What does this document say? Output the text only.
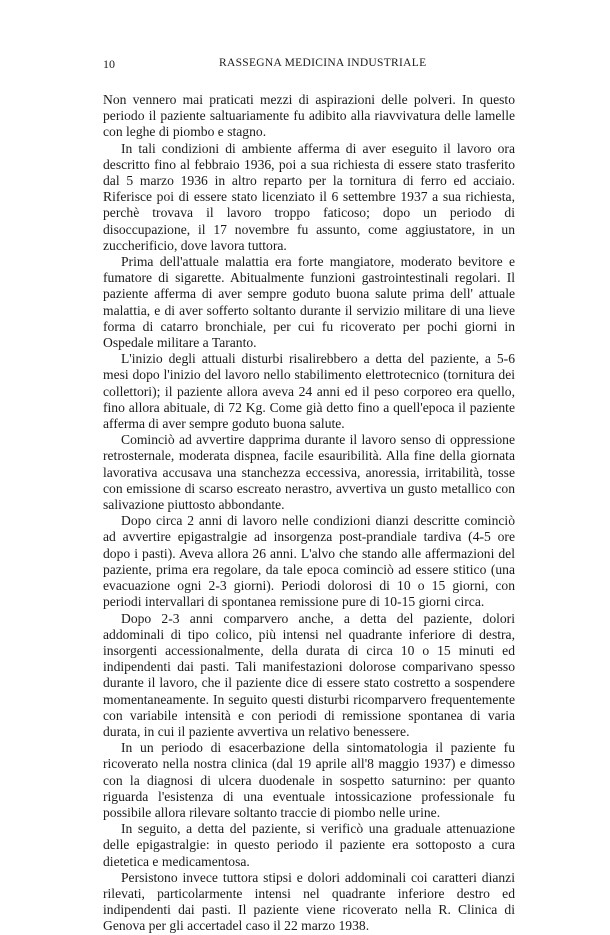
10	RASSEGNA MEDICINA INDUSTRIALE

Non vennero mai praticati mezzi di aspirazioni delle polveri. In questo periodo il paziente saltuariamente fu adibito alla riavvivatura delle lamelle con leghe di piombo e stagno.

In tali condizioni di ambiente afferma di aver eseguito il lavoro ora descritto fino al febbraio 1936, poi a sua richiesta di essere stato trasferito dal 5 marzo 1936 in altro reparto per la tornitura di ferro ed acciaio. Riferisce poi di essere stato licenziato il 6 settembre 1937 a sua richiesta, perchè trovava il lavoro troppo faticoso; dopo un periodo di disoccupazione, il 17 novembre fu assunto, come aggiustatore, in un zuccherificio, dove lavora tuttora.

Prima dell'attuale malattia era forte mangiatore, moderato bevitore e fumatore di sigarette. Abitualmente funzioni gastrointestinali regolari. Il paziente afferma di aver sempre goduto buona salute prima dell' attuale malattia, e di aver sofferto soltanto durante il servizio militare di una lieve forma di catarro bronchiale, per cui fu ricoverato per pochi giorni in Ospedale militare a Taranto.

L'inizio degli attuali disturbi risalirebbero a detta del paziente, a 5-6 mesi dopo l'inizio del lavoro nello stabilimento elettrotecnico (tornitura dei collettori); il paziente allora aveva 24 anni ed il peso corporeo era quello, fino allora abituale, di 72 Kg. Come già detto fino a quell'epoca il paziente afferma di aver sempre goduto buona salute.

Cominciò ad avvertire dapprima durante il lavoro senso di oppressione retrosternale, moderata dispnea, facile esauribilità. Alla fine della giornata lavorativa accusava una stanchezza eccessiva, anoressia, irritabilità, tosse con emissione di scarso escreato nerastro, avvertiva un gusto metallico con salivazione piuttosto abbondante.

Dopo circa 2 anni di lavoro nelle condizioni dianzi descritte cominciò ad avvertire epigastralgie ad insorgenza post-prandiale tardiva (4-5 ore dopo i pasti). Aveva allora 26 anni. L'alvo che stando alle affermazioni del paziente, prima era regolare, da tale epoca cominciò ad essere stitico (una evacuazione ogni 2-3 giorni). Periodi dolorosi di 10 o 15 giorni, con periodi intervallari di spontanea remissione pure di 10-15 giorni circa.

Dopo 2-3 anni comparvero anche, a detta del paziente, dolori addominali di tipo colico, più intensi nel quadrante inferiore di destra, insorgenti accessionalmente, della durata di circa 10 o 15 minuti ed indipendenti dai pasti. Tali manifestazioni dolorose comparivano spesso durante il lavoro, che il paziente dice di essere stato costretto a sospendere momentaneamente. In seguito questi disturbi ricomparvero frequentemente con variabile intensità e con periodi di remissione spontanea di varia durata, in cui il paziente avvertiva un relativo benessere.

In un periodo di esacerbazione della sintomatologia il paziente fu ricoverato nella nostra clinica (dal 19 aprile all'8 maggio 1937) e dimesso con la diagnosi di ulcera duodenale in sospetto saturnino: per quanto riguarda l'esistenza di una eventuale intossicazione professionale fu possibile allora rilevare soltanto traccie di piombo nelle urine.

In seguito, a detta del paziente, si verificò una graduale attenuazione delle epigastralgie: in questo periodo il paziente era sottoposto a cura dietetica e medicamentosa.

Persistono invece tuttora stipsi e dolori addominali coi caratteri dianzi rilevati, particolarmente intensi nel quadrante inferiore destro ed indipendenti dai pasti. Il paziente viene ricoverato nella R. Clinica di Genova per gli accertadel caso il 22 marzo 1938.
